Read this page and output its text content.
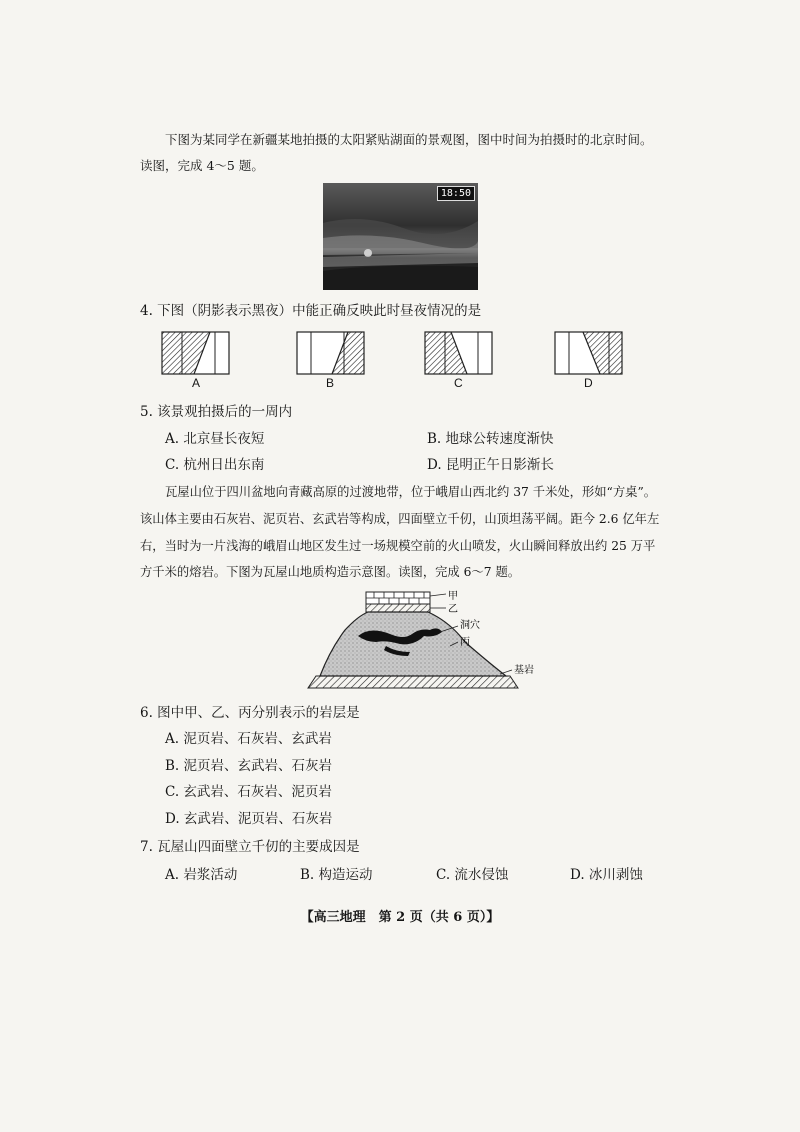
下图为某同学在新疆某地拍摄的太阳紧贴湖面的景观图，图中时间为拍摄时的北京时间。
读图，完成 4～5 题。
18:50
4. 下图（阴影表示黑夜）中能正确反映此时昼夜情况的是
A	B	C	D
5. 该景观拍摄后的一周内
A. 北京昼长夜短	B. 地球公转速度渐快
C. 杭州日出东南	D. 昆明正午日影渐长
瓦屋山位于四川盆地向青藏高原的过渡地带，位于峨眉山西北约 37 千米处，形如“方桌”。
该山体主要由石灰岩、泥页岩、玄武岩等构成，四面壁立千仞，山顶坦荡平阔。距今 2.6 亿年左
右，当时为一片浅海的峨眉山地区发生过一场规模空前的火山喷发，火山瞬间释放出约 25 万平
方千米的熔岩。下图为瓦屋山地质构造示意图。读图，完成 6～7 题。
甲
乙
洞穴
丙
基岩
6. 图中甲、乙、丙分别表示的岩层是
A. 泥页岩、石灰岩、玄武岩
B. 泥页岩、玄武岩、石灰岩
C. 玄武岩、石灰岩、泥页岩
D. 玄武岩、泥页岩、石灰岩
7. 瓦屋山四面壁立千仞的主要成因是
A. 岩浆活动	B. 构造运动	C. 流水侵蚀	D. 冰川剥蚀
【高三地理　第 2 页（共 6 页）】
